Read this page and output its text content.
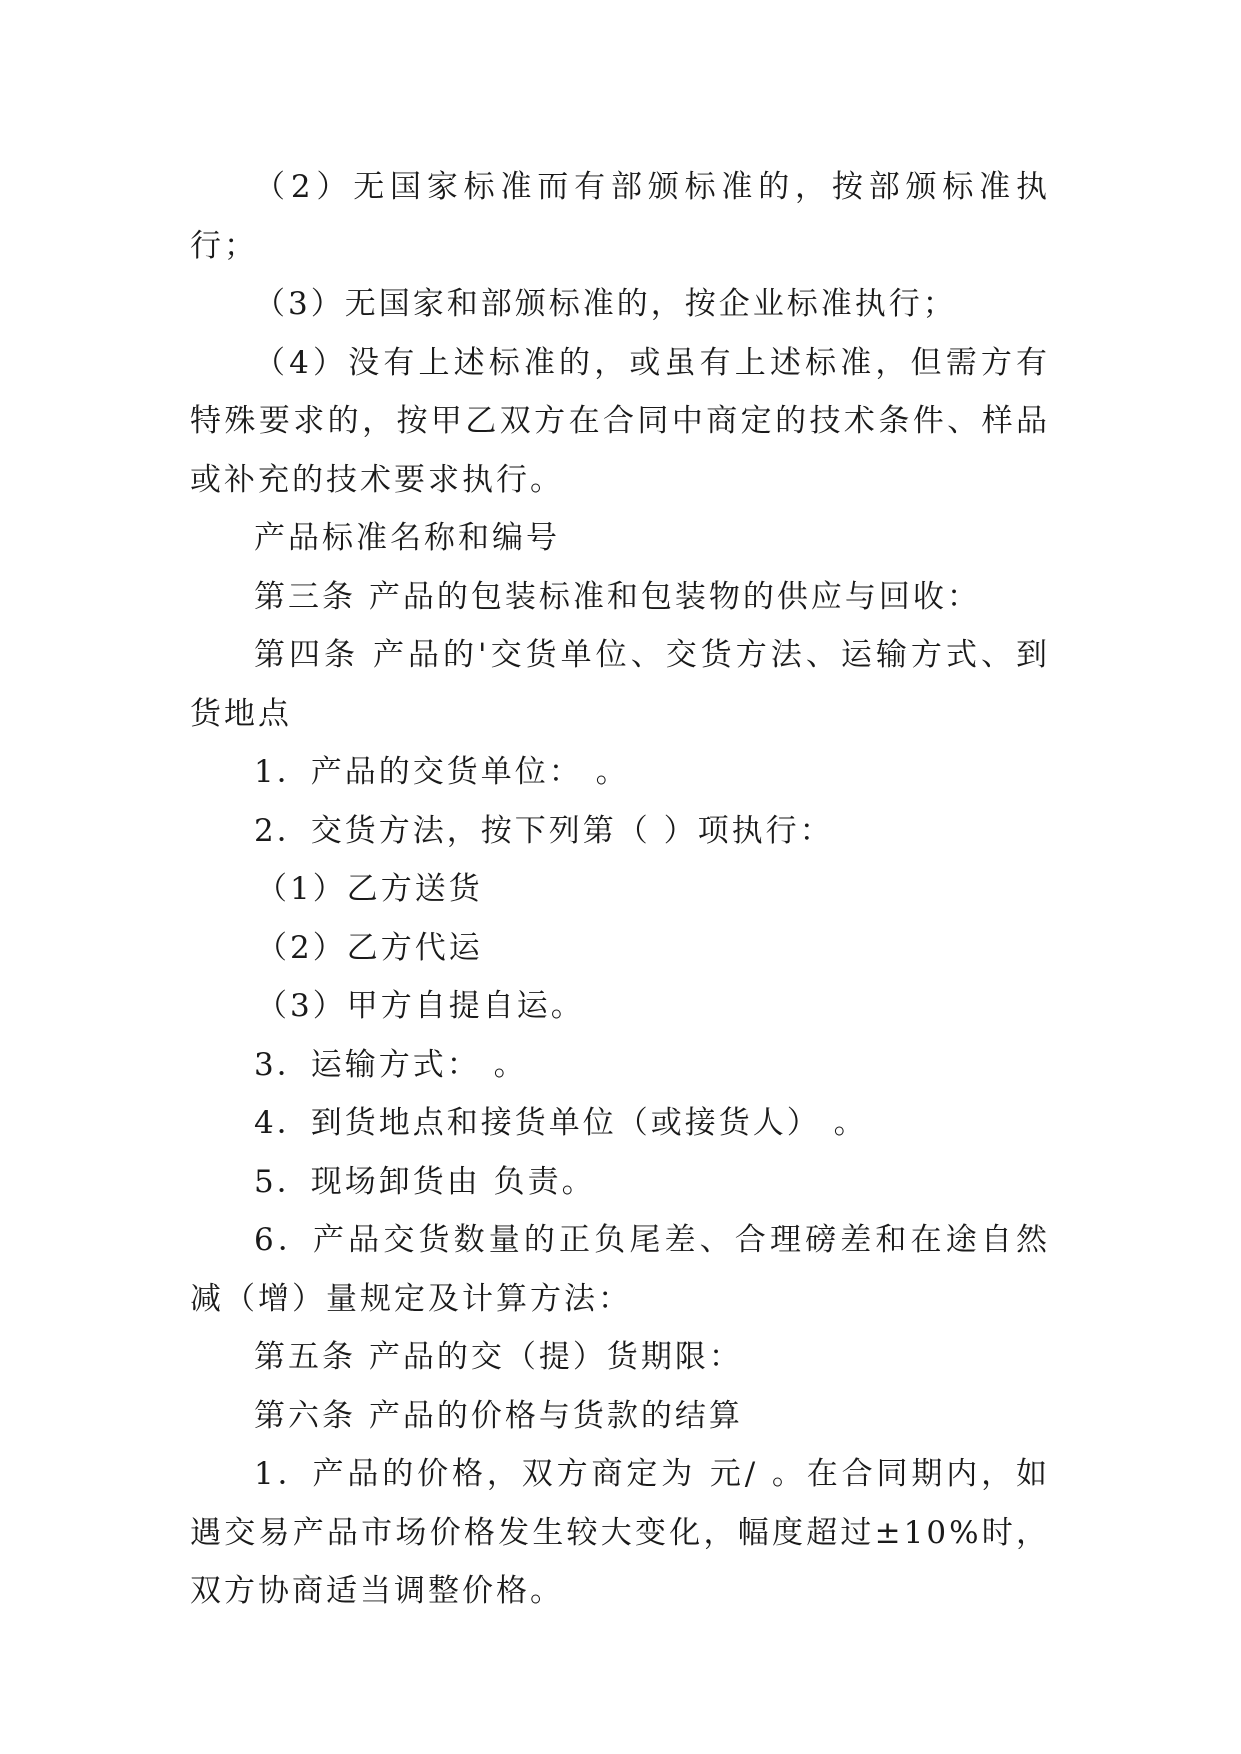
（2）无国家标准而有部颁标准的，按部颁标准执行；

（3）无国家和部颁标准的，按企业标准执行；

（4）没有上述标准的，或虽有上述标准，但需方有特殊要求的，按甲乙双方在合同中商定的技术条件、样品或补充的技术要求执行。

产品标准名称和编号

第三条 产品的包装标准和包装物的供应与回收：

第四条 产品的'交货单位、交货方法、运输方式、到货地点

1．产品的交货单位： 。

2．交货方法，按下列第（ ）项执行：

（1）乙方送货

（2）乙方代运

（3）甲方自提自运。

3．运输方式： 。

4．到货地点和接货单位（或接货人） 。

5．现场卸货由 负责。

6．产品交货数量的正负尾差、合理磅差和在途自然减（增）量规定及计算方法：

第五条 产品的交（提）货期限：

第六条 产品的价格与货款的结算

1．产品的价格，双方商定为 元/ 。在合同期内，如遇交易产品市场价格发生较大变化，幅度超过±10%时，双方协商适当调整价格。
